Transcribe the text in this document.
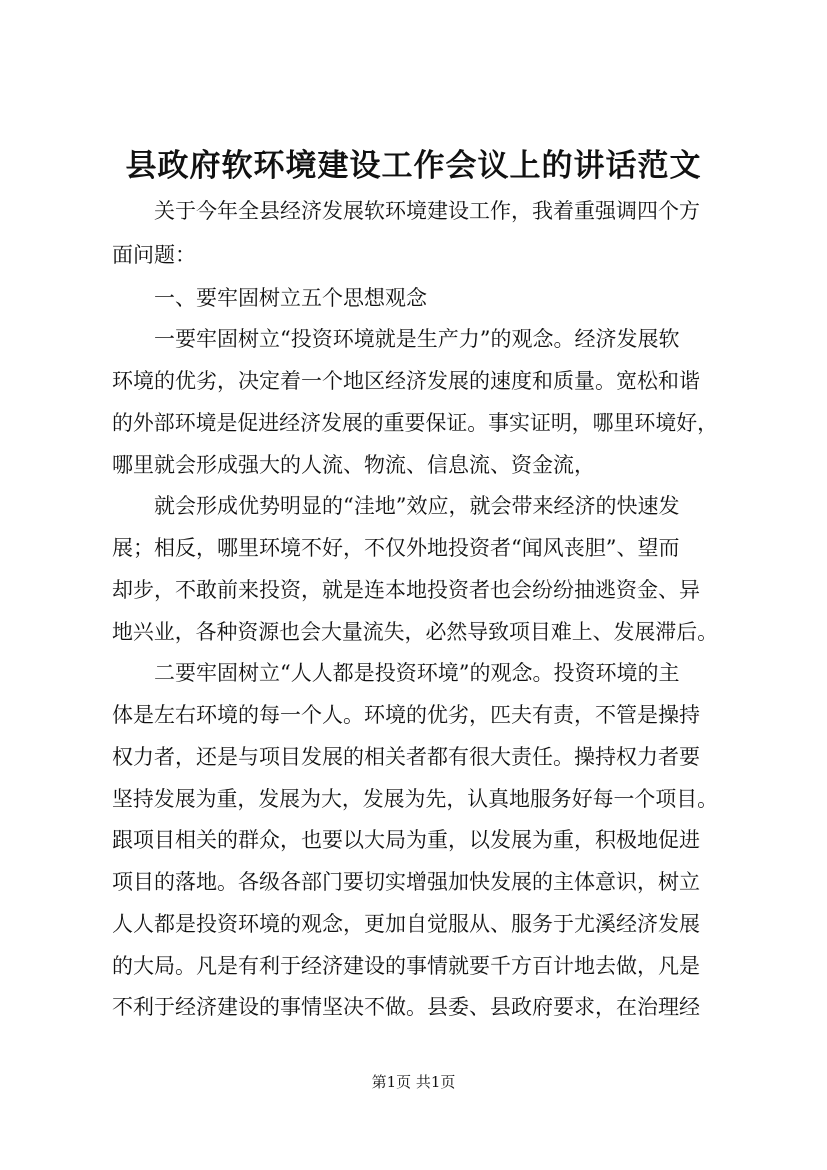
县政府软环境建设工作会议上的讲话范文
关于今年全县经济发展软环境建设工作，我着重强调四个方
面问题：
一、要牢固树立五个思想观念
一要牢固树立“投资环境就是生产力”的观念。经济发展软
环境的优劣，决定着一个地区经济发展的速度和质量。宽松和谐
的外部环境是促进经济发展的重要保证。事实证明，哪里环境好，
哪里就会形成强大的人流、物流、信息流、资金流，
就会形成优势明显的“洼地”效应，就会带来经济的快速发
展；相反，哪里环境不好，不仅外地投资者“闻风丧胆”、望而
却步，不敢前来投资，就是连本地投资者也会纷纷抽逃资金、异
地兴业，各种资源也会大量流失，必然导致项目难上、发展滞后。
二要牢固树立“人人都是投资环境”的观念。投资环境的主
体是左右环境的每一个人。环境的优劣，匹夫有责，不管是操持
权力者，还是与项目发展的相关者都有很大责任。操持权力者要
坚持发展为重，发展为大，发展为先，认真地服务好每一个项目。
跟项目相关的群众，也要以大局为重，以发展为重，积极地促进
项目的落地。各级各部门要切实增强加快发展的主体意识，树立
人人都是投资环境的观念，更加自觉服从、服务于尤溪经济发展
的大局。凡是有利于经济建设的事情就要千方百计地去做，凡是
不利于经济建设的事情坚决不做。县委、县政府要求，在治理经
第1页 共1页
